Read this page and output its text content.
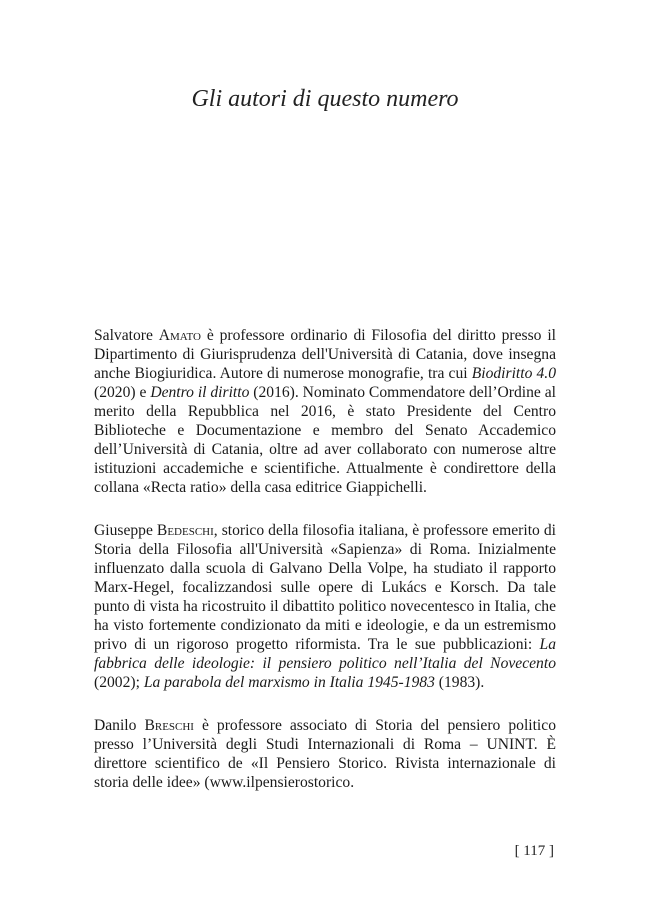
Gli autori di questo numero

Salvatore Amato è professore ordinario di Filosofia del diritto presso il Dipartimento di Giurisprudenza dell'Università di Catania, dove insegna anche Biogiuridica. Autore di numerose monografie, tra cui Biodiritto 4.0 (2020) e Dentro il diritto (2016). Nominato Commendatore dell’Ordine al merito della Repubblica nel 2016, è stato Presidente del Centro Biblioteche e Documentazione e membro del Senato Accademico dell’Università di Catania, oltre ad aver collaborato con numerose altre istituzioni accademiche e scientifiche. Attualmente è condirettore della collana «Recta ratio» della casa editrice Giappichelli.

Giuseppe Bedeschi, storico della filosofia italiana, è professore emerito di Storia della Filosofia all'Università «Sapienza» di Roma. Inizialmente influenzato dalla scuola di Galvano Della Volpe, ha studiato il rapporto Marx-Hegel, focalizzandosi sulle opere di Lukács e Korsch. Da tale punto di vista ha ricostruito il dibattito politico novecentesco in Italia, che ha visto fortemente condizionato da miti e ideologie, e da un estremismo privo di un rigoroso progetto riformista. Tra le sue pubblicazioni: La fabbrica delle ideologie: il pensiero politico nell’Italia del Novecento (2002); La parabola del marxismo in Italia 1945-1983 (1983).

Danilo Breschi è professore associato di Storia del pensiero politico presso l’Università degli Studi Internazionali di Roma – UNINT. È direttore scientifico de «Il Pensiero Storico. Rivista internazionale di storia delle idee» (www.ilpensierostorico.

[ 117 ]
